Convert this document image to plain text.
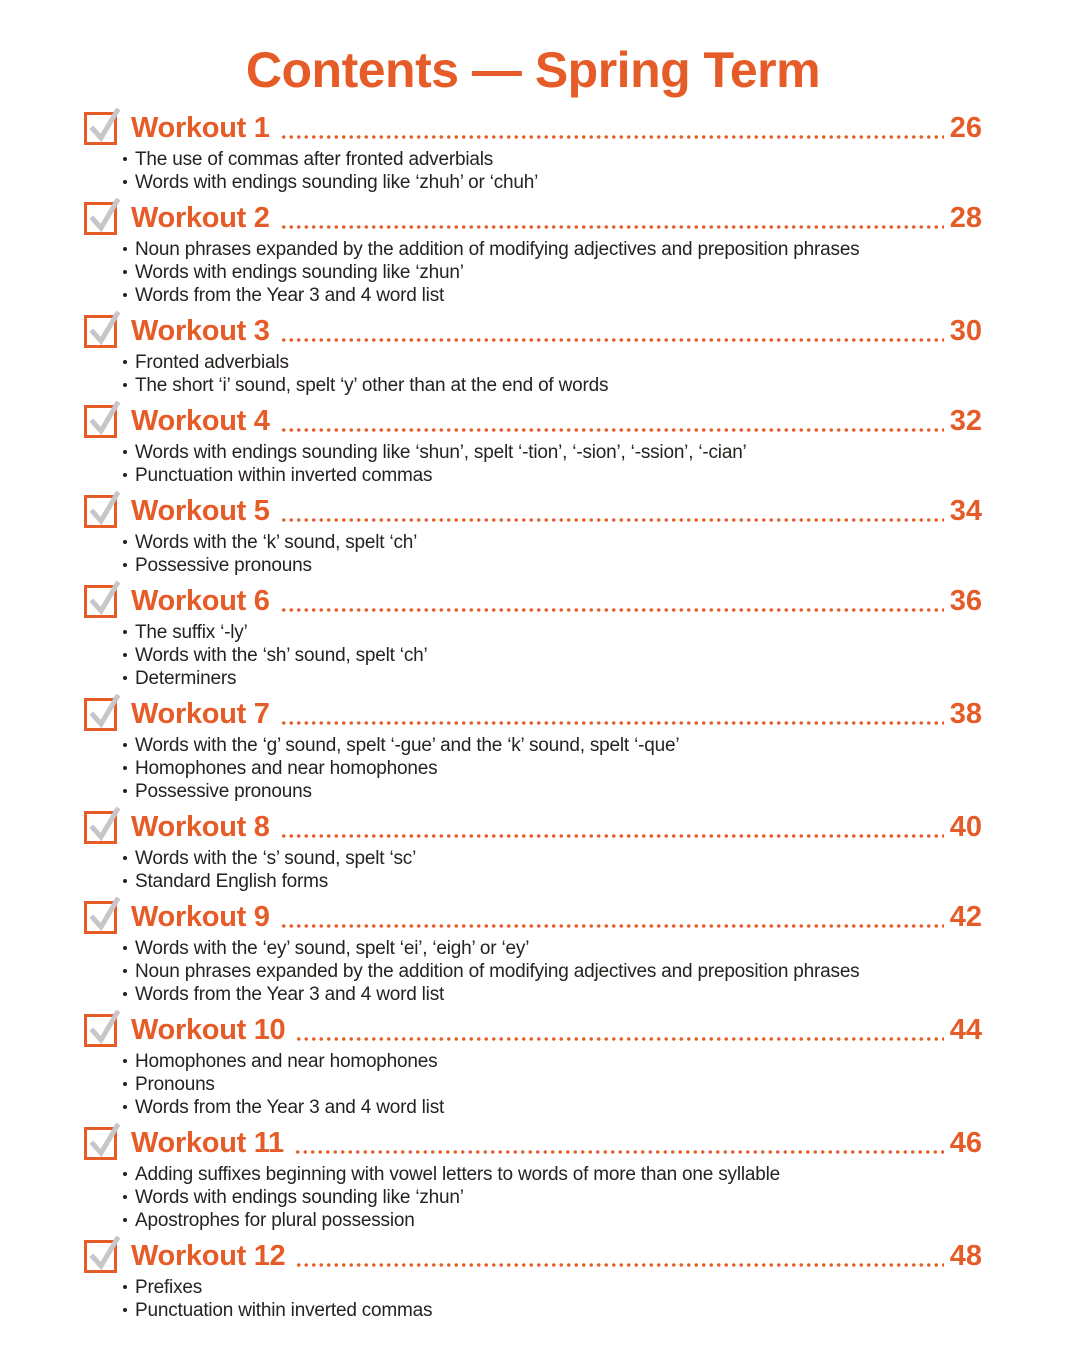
Contents — Spring Term
Workout 1	26
The use of commas after fronted adverbials
Words with endings sounding like ‘zhuh’ or ‘chuh’
Workout 2	28
Noun phrases expanded by the addition of modifying adjectives and preposition phrases
Words with endings sounding like ‘zhun’
Words from the Year 3 and 4 word list
Workout 3	30
Fronted adverbials
The short ‘i’ sound, spelt ‘y’ other than at the end of words
Workout 4	32
Words with endings sounding like ‘shun’, spelt ‘-tion’, ‘-sion’, ‘-ssion’, ‘-cian’
Punctuation within inverted commas
Workout 5	34
Words with the ‘k’ sound, spelt ‘ch’
Possessive pronouns
Workout 6	36
The suffix ‘-ly’
Words with the ‘sh’ sound, spelt ‘ch’
Determiners
Workout 7	38
Words with the ‘g’ sound, spelt ‘-gue’ and the ‘k’ sound, spelt ‘-que’
Homophones and near homophones
Possessive pronouns
Workout 8	40
Words with the ‘s’ sound, spelt ‘sc’
Standard English forms
Workout 9	42
Words with the ‘ey’ sound, spelt ‘ei’, ‘eigh’ or ‘ey’
Noun phrases expanded by the addition of modifying adjectives and preposition phrases
Words from the Year 3 and 4 word list
Workout 10	44
Homophones and near homophones
Pronouns
Words from the Year 3 and 4 word list
Workout 11	46
Adding suffixes beginning with vowel letters to words of more than one syllable
Words with endings sounding like ‘zhun’
Apostrophes for plural possession
Workout 12	48
Prefixes
Punctuation within inverted commas
